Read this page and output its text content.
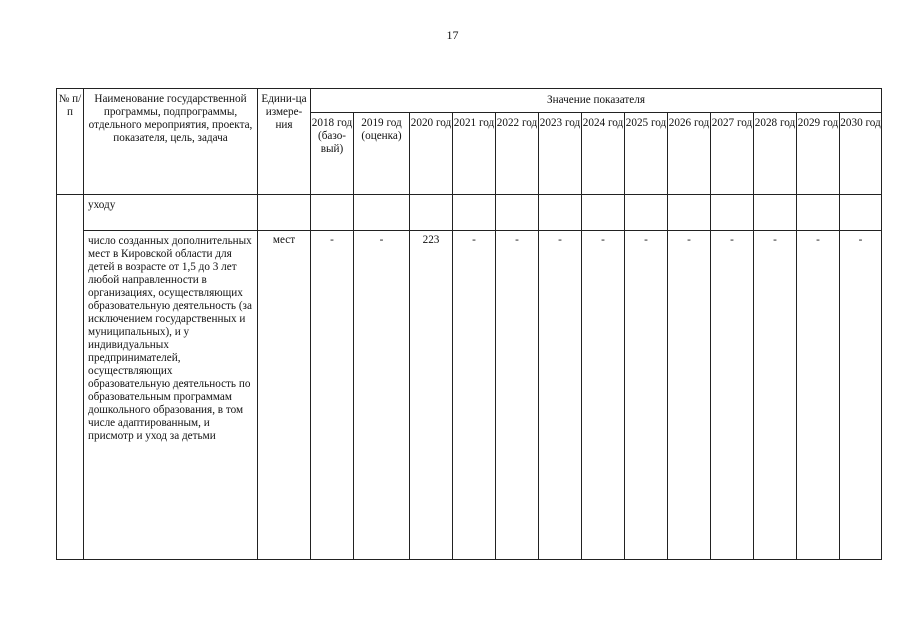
17
№ п/п	Наименование государственной программы, подпрограммы, отдельного мероприятия, проекта, показателя, цель, задача	Едини-ца измере-ния	Значение показателя												
			2018 год (базо-вый)	2019 год (оценка)	2020 год	2021 год	2022 год	2023 год	2024 год	2025 год	2026 год	2027 год	2028 год	2029 год	2030 год
	уходу														
	число созданных дополнительных мест в Кировской области для детей в возрасте от 1,5 до 3 лет любой направленности в организациях, осуществляющих образовательную деятельность (за исключением государственных и муниципальных), и у индивидуальных предпринимателей, осуществляющих образовательную деятельность по образовательным программам дошкольного образования, в том числе адаптированным, и присмотр и уход за детьми	мест	-	-	223	-	-	-	-	-	-	-	-	-	-
